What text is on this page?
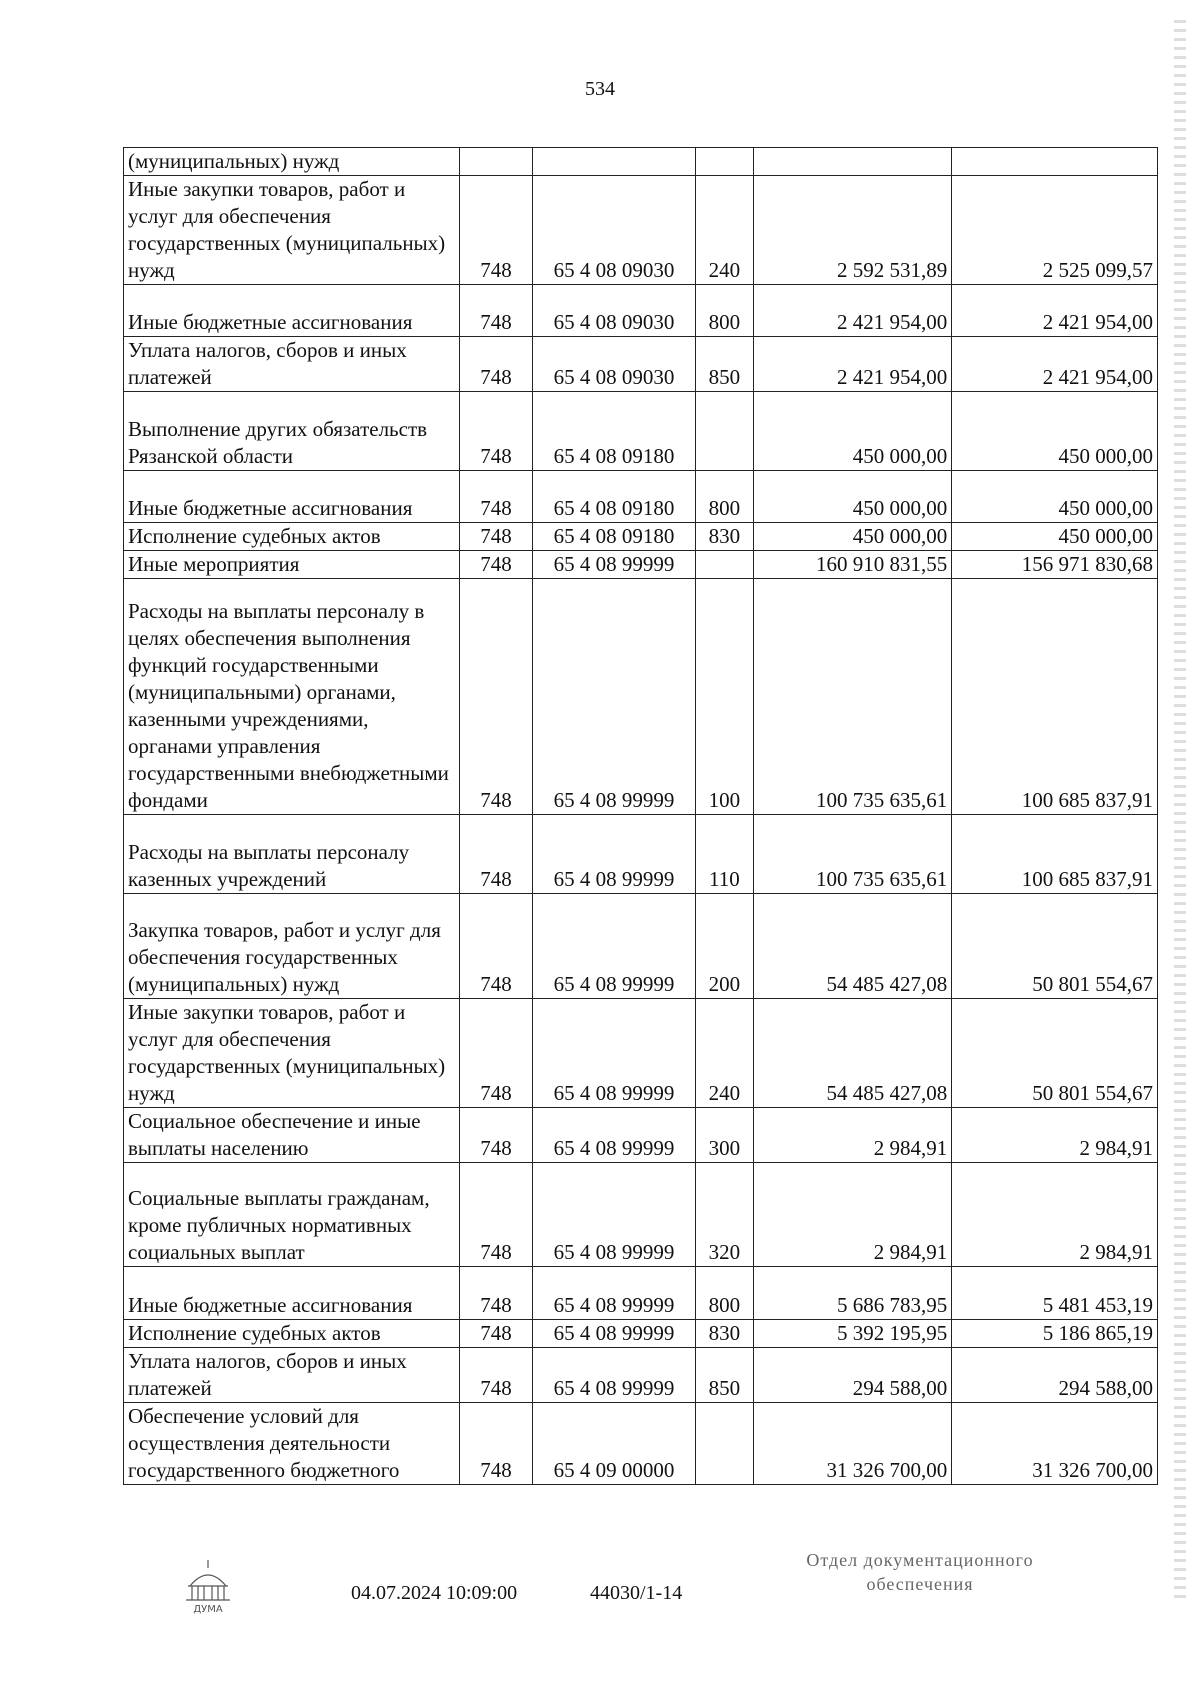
534
(муниципальных) нужд					
Иные закупки товаров, работ и услуг для обеспечения государственных (муниципальных) нужд	748	65 4 08 09030	240	2 592 531,89	2 525 099,57
Иные бюджетные ассигнования	748	65 4 08 09030	800	2 421 954,00	2 421 954,00
Уплата налогов, сборов и иных платежей	748	65 4 08 09030	850	2 421 954,00	2 421 954,00
Выполнение других обязательств Рязанской области	748	65 4 08 09180		450 000,00	450 000,00
Иные бюджетные ассигнования	748	65 4 08 09180	800	450 000,00	450 000,00
Исполнение судебных актов	748	65 4 08 09180	830	450 000,00	450 000,00
Иные мероприятия	748	65 4 08 99999		160 910 831,55	156 971 830,68
Расходы на выплаты персоналу в целях обеспечения выполнения функций государственными (муниципальными) органами, казенными учреждениями, органами управления государственными внебюджетными фондами	748	65 4 08 99999	100	100 735 635,61	100 685 837,91
Расходы на выплаты персоналу казенных учреждений	748	65 4 08 99999	110	100 735 635,61	100 685 837,91
Закупка товаров, работ и услуг для обеспечения государственных (муниципальных) нужд	748	65 4 08 99999	200	54 485 427,08	50 801 554,67
Иные закупки товаров, работ и услуг для обеспечения государственных (муниципальных) нужд	748	65 4 08 99999	240	54 485 427,08	50 801 554,67
Социальное обеспечение и иные выплаты населению	748	65 4 08 99999	300	2 984,91	2 984,91
Социальные выплаты гражданам, кроме публичных нормативных социальных выплат	748	65 4 08 99999	320	2 984,91	2 984,91
Иные бюджетные ассигнования	748	65 4 08 99999	800	5 686 783,95	5 481 453,19
Исполнение судебных актов	748	65 4 08 99999	830	5 392 195,95	5 186 865,19
Уплата налогов, сборов и иных платежей	748	65 4 08 99999	850	294 588,00	294 588,00
Обеспечение условий для осуществления деятельности государственного бюджетного	748	65 4 09 00000		31 326 700,00	31 326 700,00
ДУМА
04.07.2024 10:09:00	44030/1-14
Отдел документационного
обеспечения
